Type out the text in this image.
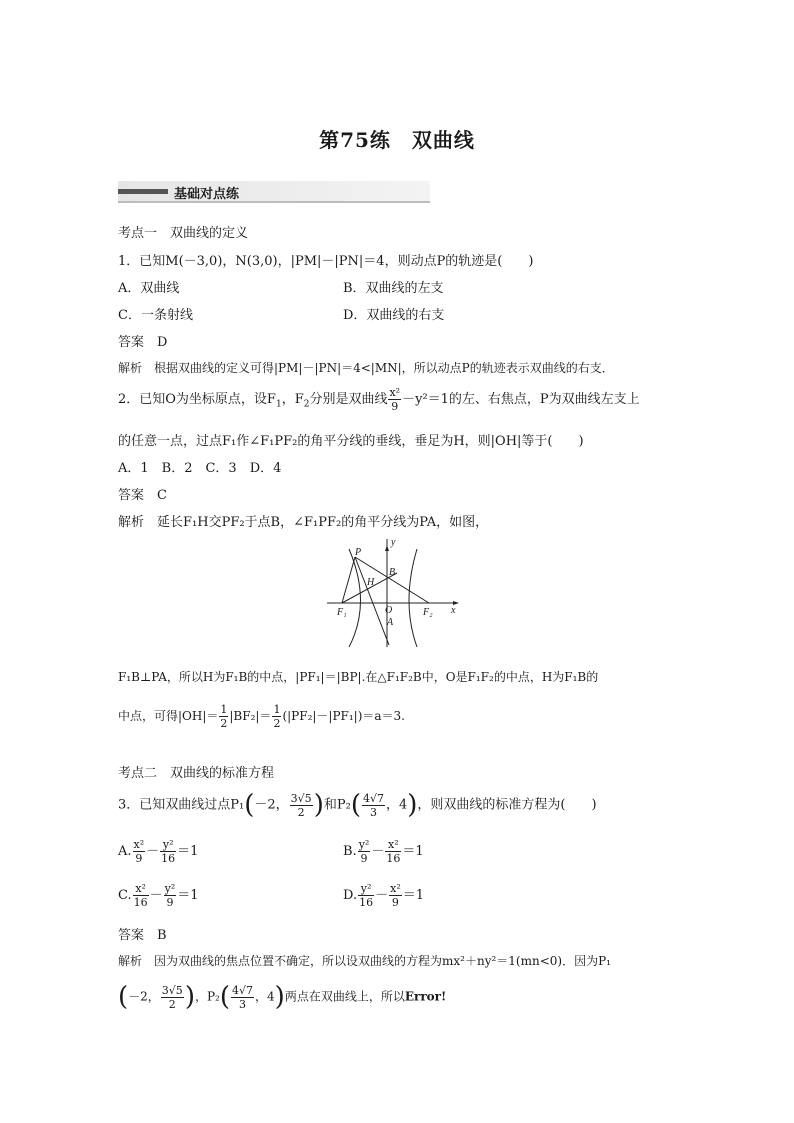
第75练　双曲线
基础对点练
考点一　双曲线的定义
1．已知M(－3,0)，N(3,0)，|PM|－|PN|＝4，则动点P的轨迹是(　　)
A．双曲线	B．双曲线的左支
C．一条射线	D．双曲线的右支
答案　D
解析　根据双曲线的定义可得|PM|－|PN|＝4<|MN|，所以动点P的轨迹表示双曲线的右支．
2．已知O为坐标原点，设$F_1$，$F_2$分别是双曲线 $\frac{\text{x²}}{9} -y^2=1$的左、右焦点，P为双曲线左支上
的任意一点，过点F₁作∠F₁PF₂的角平分线的垂线，垂足为H，则|OH|等于(　　)
A．1　B．2　C．3　D．4
答案　C
解析　延长F₁H交PF₂于点B，∠F₁PF₂的角平分线为PA，如图，
P
y
B
H
F₁	O	F₂ x
A
F₁B⊥PA，所以H为F₁B的中点，|PF₁|＝|BP|.在△F₁F₂B中，O是F₁F₂的中点，H为F₁B的
中点，可得$|OH|= \frac{1}{2} |BF_2|= \frac{1}{2} (|PF_2|-|PF_1|)=a=3$.
考点二　双曲线的标准方程
3．已知双曲线过点P₁(－2， $\frac{3√5}{2}$ )和$P_2( \frac{4√7}{3}$ ，4)，则双曲线的标准方程为(　　)
A. $\frac{\text{x²}}{9} - \frac{\text{y²}}{16} =1$	B. $\frac{\text{y²}}{9} - \frac{\text{x²}}{16} =1$
C. $\frac{\text{x²}}{16} - \frac{\text{y²}}{9} =1$	D. $\frac{\text{y²}}{16} - \frac{\text{x²}}{9} =1$
答案　B
解析　因为双曲线的焦点位置不确定，所以设双曲线的方程为mx²＋ny²＝1(mn<0)．因为P₁
(－2， $\frac{3√5}{2}$ )，$P_2( \frac{4√7}{3}$ ，4)两点在双曲线上，所以Error!
